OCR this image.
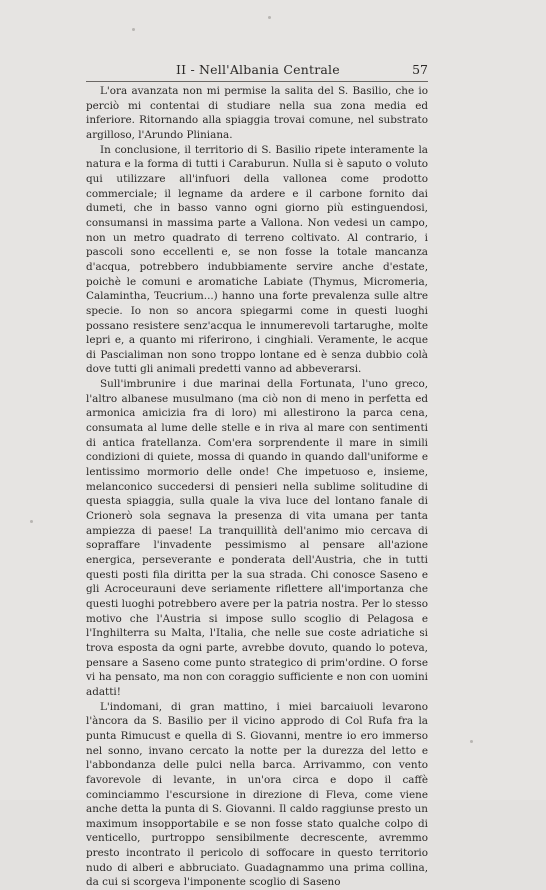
II - Nell'Albania Centrale	57

L'ora avanzata non mi permise la salita del S. Basilio, che io perciò mi contentai di studiare nella sua zona media ed inferiore. Ritornando alla spiaggia trovai comune, nel substrato argilloso, l'Arundo Pliniana.

In conclusione, il territorio di S. Basilio ripete interamente la natura e la forma di tutti i Caraburun. Nulla si è saputo o voluto qui utilizzare all'infuori della vallonea come prodotto commerciale; il legname da ardere e il carbone fornito dai dumeti, che in basso vanno ogni giorno più estinguendosi, consumansi in massima parte a Vallona. Non vedesi un campo, non un metro quadrato di terreno coltivato. Al contrario, i pascoli sono eccellenti e, se non fosse la totale mancanza d'acqua, potrebbero indubbiamente servire anche d'estate, poichè le comuni e aromatiche Labiate (Thymus, Micromeria, Calamintha, Teucrium...) hanno una forte prevalenza sulle altre specie. Io non so ancora spiegarmi come in questi luoghi possano resistere senz'acqua le innumerevoli tartarughe, molte lepri e, a quanto mi riferirono, i cinghiali. Veramente, le acque di Pascialiman non sono troppo lontane ed è senza dubbio colà dove tutti gli animali predetti vanno ad abbeverarsi.

Sull'imbrunire i due marinai della Fortunata, l'uno greco, l'altro albanese musulmano (ma ciò non di meno in perfetta ed armonica amicizia fra di loro) mi allestirono la parca cena, consumata al lume delle stelle e in riva al mare con sentimenti di antica fratellanza. Com'era sorprendente il mare in simili condizioni di quiete, mossa di quando in quando dall'uniforme e lentissimo mormorio delle onde! Che impetuoso e, insieme, melanconico succedersi di pensieri nella sublime solitudine di questa spiaggia, sulla quale la viva luce del lontano fanale di Crionerò sola segnava la presenza di vita umana per tanta ampiezza di paese! La tranquillità dell'animo mio cercava di sopraffare l'invadente pessimismo al pensare all'azione energica, perseverante e ponderata dell'Austria, che in tutti questi posti fila diritta per la sua strada. Chi conosce Saseno e gli Acroceurauni deve seriamente riflettere all'importanza che questi luoghi potrebbero avere per la patria nostra. Per lo stesso motivo che l'Austria si impose sullo scoglio di Pelagosa e l'Inghilterra su Malta, l'Italia, che nelle sue coste adriatiche si trova esposta da ogni parte, avrebbe dovuto, quando lo poteva, pensare a Saseno come punto strategico di prim'ordine. O forse vi ha pensato, ma non con coraggio sufficiente e non con uomini adatti!

L'indomani, di gran mattino, i miei barcaiuoli levarono l'àncora da S. Basilio per il vicino approdo di Col Rufa fra la punta Rimucust e quella di S. Giovanni, mentre io ero immerso nel sonno, invano cercato la notte per la durezza del letto e l'abbondanza delle pulci nella barca. Arrivammo, con vento favorevole di levante, in un'ora circa e dopo il caffè cominciammo l'escursione in direzione di Fleva, come viene anche detta la punta di S. Giovanni. Il caldo raggiunse presto un maximum insopportabile e se non fosse stato qualche colpo di venticello, purtroppo sensibilmente decrescente, avremmo presto incontrato il pericolo di soffocare in questo territorio nudo di alberi e abbruciato. Guadagnammo una prima collina, da cui si scorgeva l'imponente scoglio di Saseno
